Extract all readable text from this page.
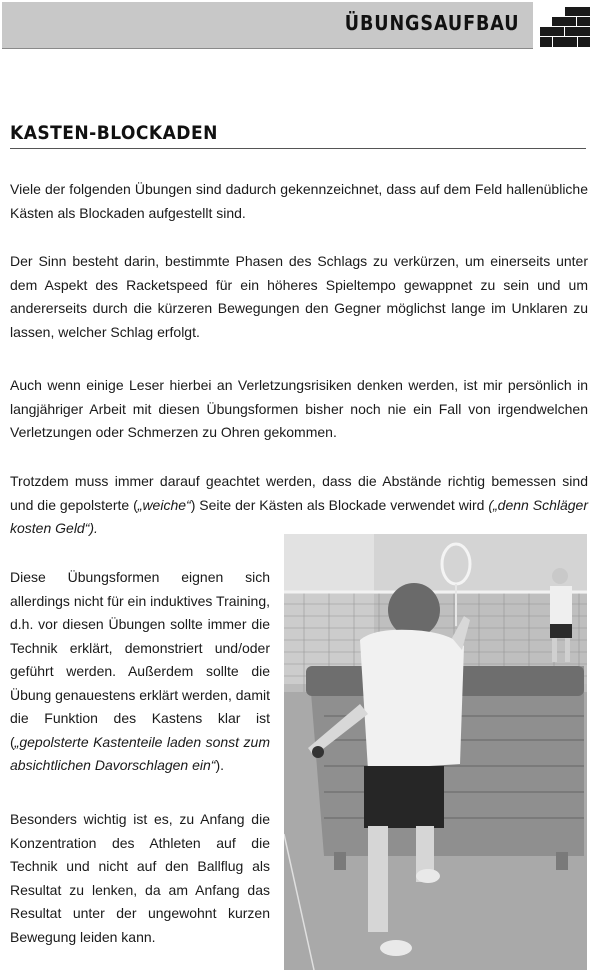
ÜBUNGSAUFBAU
KASTEN-BLOCKADEN

Viele der folgenden Übungen sind dadurch gekennzeichnet, dass auf dem Feld hallenübliche Kästen als Blockaden aufgestellt sind.

Der Sinn besteht darin, bestimmte Phasen des Schlags zu verkürzen, um einerseits unter dem Aspekt des Racketspeed für ein höheres Spieltempo gewappnet zu sein und um andererseits durch die kürzeren Bewegungen den Gegner möglichst lange im Unklaren zu lassen, welcher Schlag erfolgt.

Auch wenn einige Leser hierbei an Verletzungsrisiken denken werden, ist mir persönlich in langjähriger Arbeit mit diesen Übungsformen bisher noch nie ein Fall von irgendwelchen Verletzungen oder Schmerzen zu Ohren gekommen.

Trotzdem muss immer darauf geachtet werden, dass die Abstände richtig bemessen sind und die gepolsterte („weiche“) Seite der Kästen als Blockade verwendet wird („denn Schläger kosten Geld“).

Diese Übungsformen eignen sich allerdings nicht für ein induktives Training, d.h. vor diesen Übungen sollte immer die Technik erklärt, demonstriert und/oder geführt werden. Außerdem sollte die Übung genauestens erklärt werden, damit die Funktion des Kastens klar ist („gepolsterte Kastenteile laden sonst zum absichtlichen Davorschlagen ein“).

Besonders wichtig ist es, zu Anfang die Konzentration des Athleten auf die Technik und nicht auf den Ballflug als Resultat zu lenken, da am Anfang das Resultat unter der ungewohnt kurzen Bewegung leiden kann.
